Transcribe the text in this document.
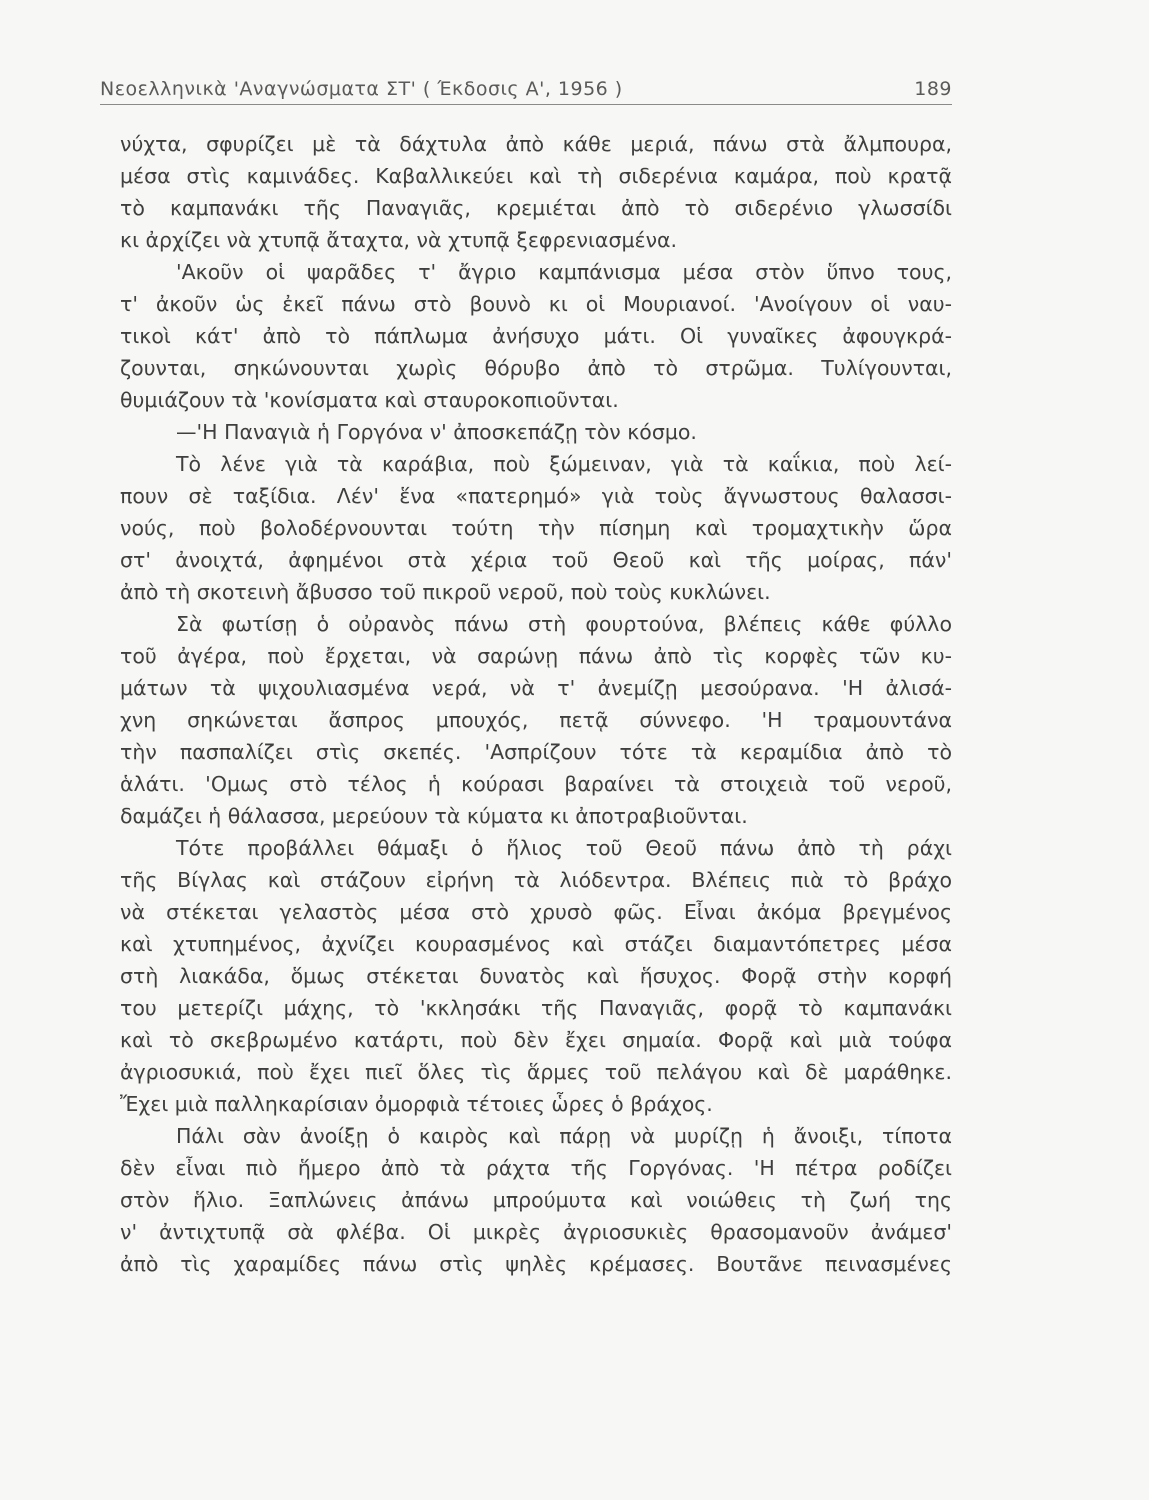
Νεοελληνικὰ 'Αναγνώσματα ΣΤ' ( Έκδοσις Α', 1956 )	189
νύχτα, σφυρίζει μὲ τὰ δάχτυλα ἀπὸ κάθε μεριά, πάνω στὰ ἄλμπουρα,
μέσα στὶς καμινάδες. Καβαλλικεύει καὶ τὴ σιδερένια καμάρα, ποὺ κρατᾷ
τὸ καμπανάκι τῆς Παναγιᾶς, κρεμιέται ἀπὸ τὸ σιδερένιο γλωσσίδι
κι ἀρχίζει νὰ χτυπᾷ ἄταχτα, νὰ χτυπᾷ ξεφρενιασμένα.
'Ακοῦν οἱ ψαρᾶδες τ' ἄγριο καμπάνισμα μέσα στὸν ὕπνο τους,
τ' ἀκοῦν ὡς ἐκεῖ πάνω στὸ βουνὸ κι οἱ Μουριανοί. 'Ανοίγουν οἱ ναυ-
τικοὶ κάτ' ἀπὸ τὸ πάπλωμα ἀνήσυχο μάτι. Οἱ γυναῖκες ἀφουγκρά-
ζουνται, σηκώνουνται χωρὶς θόρυβο ἀπὸ τὸ στρῶμα. Τυλίγουνται,
θυμιάζουν τὰ 'κονίσματα καὶ σταυροκοπιοῦνται.
—'Η Παναγιὰ ἡ Γοργόνα ν' ἀποσκεπάζῃ τὸν κόσμο.
Τὸ λένε γιὰ τὰ καράβια, ποὺ ξώμειναν, γιὰ τὰ καΐκια, ποὺ λεί-
πουν σὲ ταξίδια. Λέν' ἕνα «πατερημό» γιὰ τοὺς ἄγνωστους θαλασσι-
νούς, ποὺ βολοδέρνουνται τούτη τὴν πίσημη καὶ τρομαχτικὴν ὥρα
στ' ἀνοιχτά, ἀφημένοι στὰ χέρια τοῦ Θεοῦ καὶ τῆς μοίρας, πάν'
ἀπὸ τὴ σκοτεινὴ ἄβυσσο τοῦ πικροῦ νεροῦ, ποὺ τοὺς κυκλώνει.
Σὰ φωτίσῃ ὁ οὐρανὸς πάνω στὴ φουρτούνα, βλέπεις κάθε φύλλο
τοῦ ἀγέρα, ποὺ ἔρχεται, νὰ σαρώνῃ πάνω ἀπὸ τὶς κορφὲς τῶν κυ-
μάτων τὰ ψιχουλιασμένα νερά, νὰ τ' ἀνεμίζῃ μεσούρανα. 'Η ἀλισά-
χνη σηκώνεται ἄσπρος μπουχός, πετᾷ σύννεφο. 'Η τραμουντάνα
τὴν πασπαλίζει στὶς σκεπές. 'Ασπρίζουν τότε τὰ κεραμίδια ἀπὸ τὸ
ἁλάτι. 'Ομως στὸ τέλος ἡ κούρασι βαραίνει τὰ στοιχειὰ τοῦ νεροῦ,
δαμάζει ἡ θάλασσα, μερεύουν τὰ κύματα κι ἀποτραβιοῦνται.
Τότε προβάλλει θάμαξι ὁ ἥλιος τοῦ Θεοῦ πάνω ἀπὸ τὴ ράχι
τῆς Βίγλας καὶ στάζουν εἰρήνη τὰ λιόδεντρα. Βλέπεις πιὰ τὸ βράχο
νὰ στέκεται γελαστὸς μέσα στὸ χρυσὸ φῶς. Εἶναι ἀκόμα βρεγμένος
καὶ χτυπημένος, ἀχνίζει κουρασμένος καὶ στάζει διαμαντόπετρες μέσα
στὴ λιακάδα, ὅμως στέκεται δυνατὸς καὶ ἥσυχος. Φορᾷ στὴν κορφή
του μετερίζι μάχης, τὸ 'κκλησάκι τῆς Παναγιᾶς, φορᾷ τὸ καμπανάκι
καὶ τὸ σκεβρωμένο κατάρτι, ποὺ δὲν ἔχει σημαία. Φορᾷ καὶ μιὰ τούφα
ἀγριοσυκιά, ποὺ ἔχει πιεῖ ὅλες τὶς ἅρμες τοῦ πελάγου καὶ δὲ μαράθηκε.
Ἔχει μιὰ παλληκαρίσιαν ὀμορφιὰ τέτοιες ὧρες ὁ βράχος.
Πάλι σὰν ἀνοίξῃ ὁ καιρὸς καὶ πάρῃ νὰ μυρίζῃ ἡ ἄνοιξι, τίποτα
δὲν εἶναι πιὸ ἥμερο ἀπὸ τὰ ράχτα τῆς Γοργόνας. 'Η πέτρα ροδίζει
στὸν ἥλιο. Ξαπλώνεις ἀπάνω μπρούμυτα καὶ νοιώθεις τὴ ζωή της
ν' ἀντιχτυπᾷ σὰ φλέβα. Οἱ μικρὲς ἀγριοσυκιὲς θρασομανοῦν ἀνάμεσ'
ἀπὸ τὶς χαραμίδες πάνω στὶς ψηλὲς κρέμασες. Βουτᾶνε πεινασμένες
